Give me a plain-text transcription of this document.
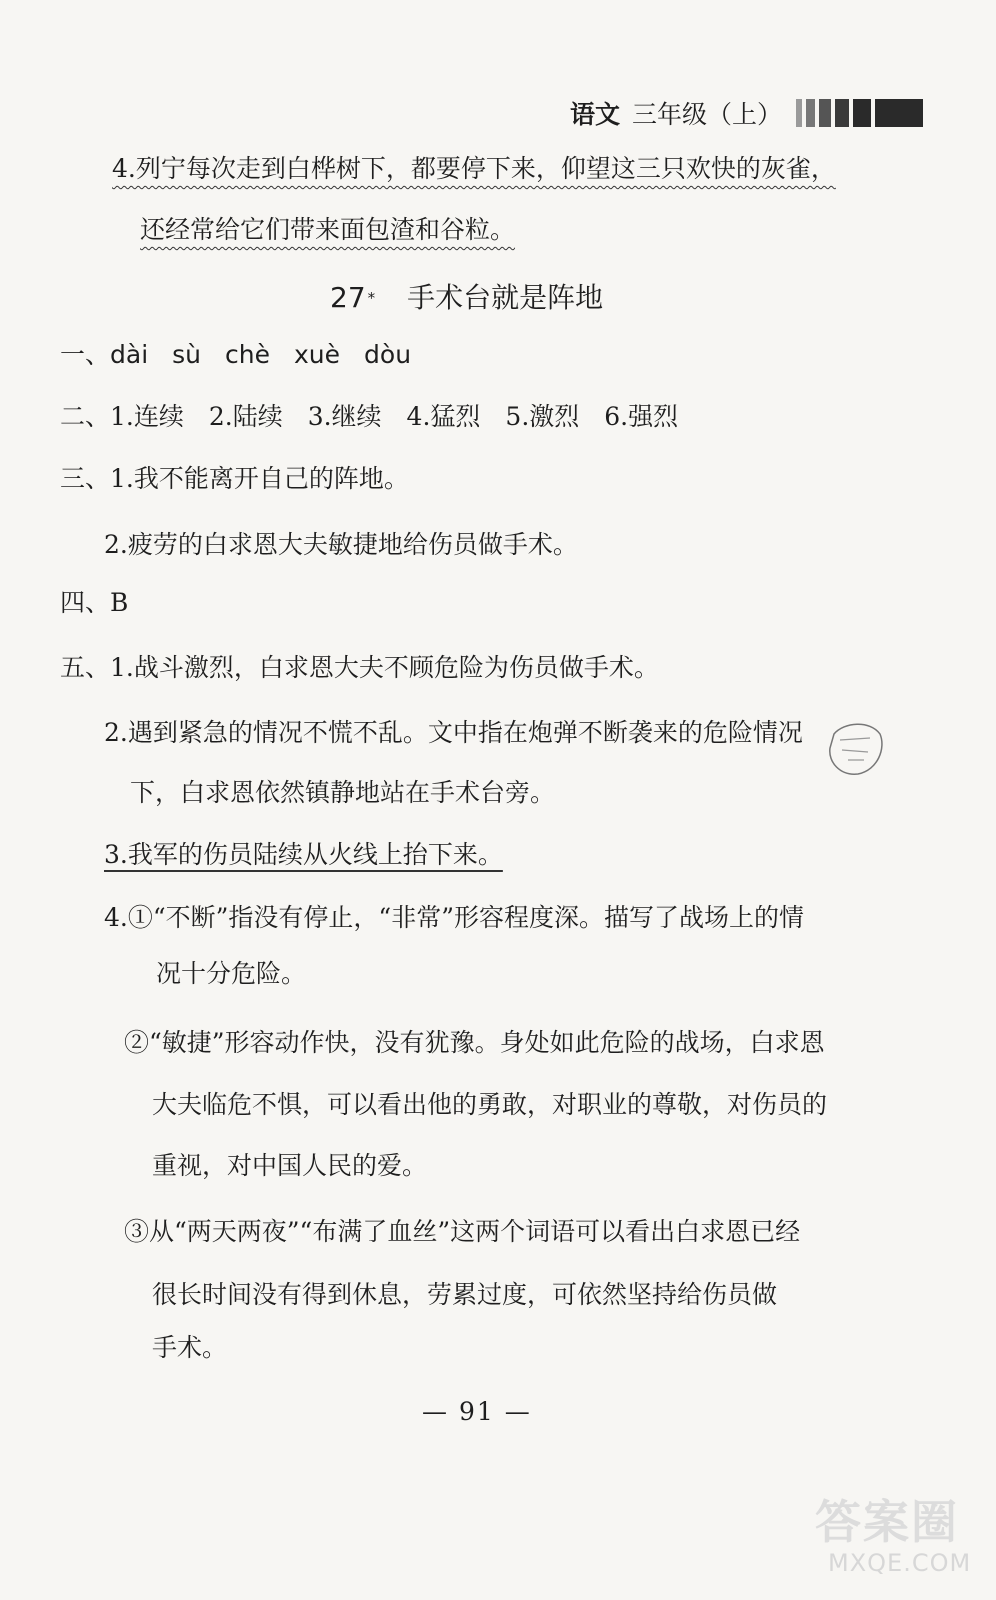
语文 三年级（上）
4.列宁每次走到白桦树下，都要停下来，仰望这三只欢快的灰雀，
还经常给它们带来面包渣和谷粒。
27 * 手术台就是阵地
一、dài sù chè xuè dòu
二、1.连续　2.陆续　3.继续　4.猛烈　5.激烈　6.强烈
三、1.我不能离开自己的阵地。
2.疲劳的白求恩大夫敏捷地给伤员做手术。
四、B
五、1.战斗激烈，白求恩大夫不顾危险为伤员做手术。
2.遇到紧急的情况不慌不乱。文中指在炮弹不断袭来的危险情况
下，白求恩依然镇静地站在手术台旁。
3.我军的伤员陆续从火线上抬下来。
4.①“不断”指没有停止，“非常”形容程度深。描写了战场上的情
况十分危险。
②“敏捷”形容动作快，没有犹豫。身处如此危险的战场，白求恩
大夫临危不惧，可以看出他的勇敢，对职业的尊敬，对伤员的
重视，对中国人民的爱。
③从“两天两夜”“布满了血丝”这两个词语可以看出白求恩已经
很长时间没有得到休息，劳累过度，可依然坚持给伤员做
手术。
— 91 —
答案圈
MXQE.COM
